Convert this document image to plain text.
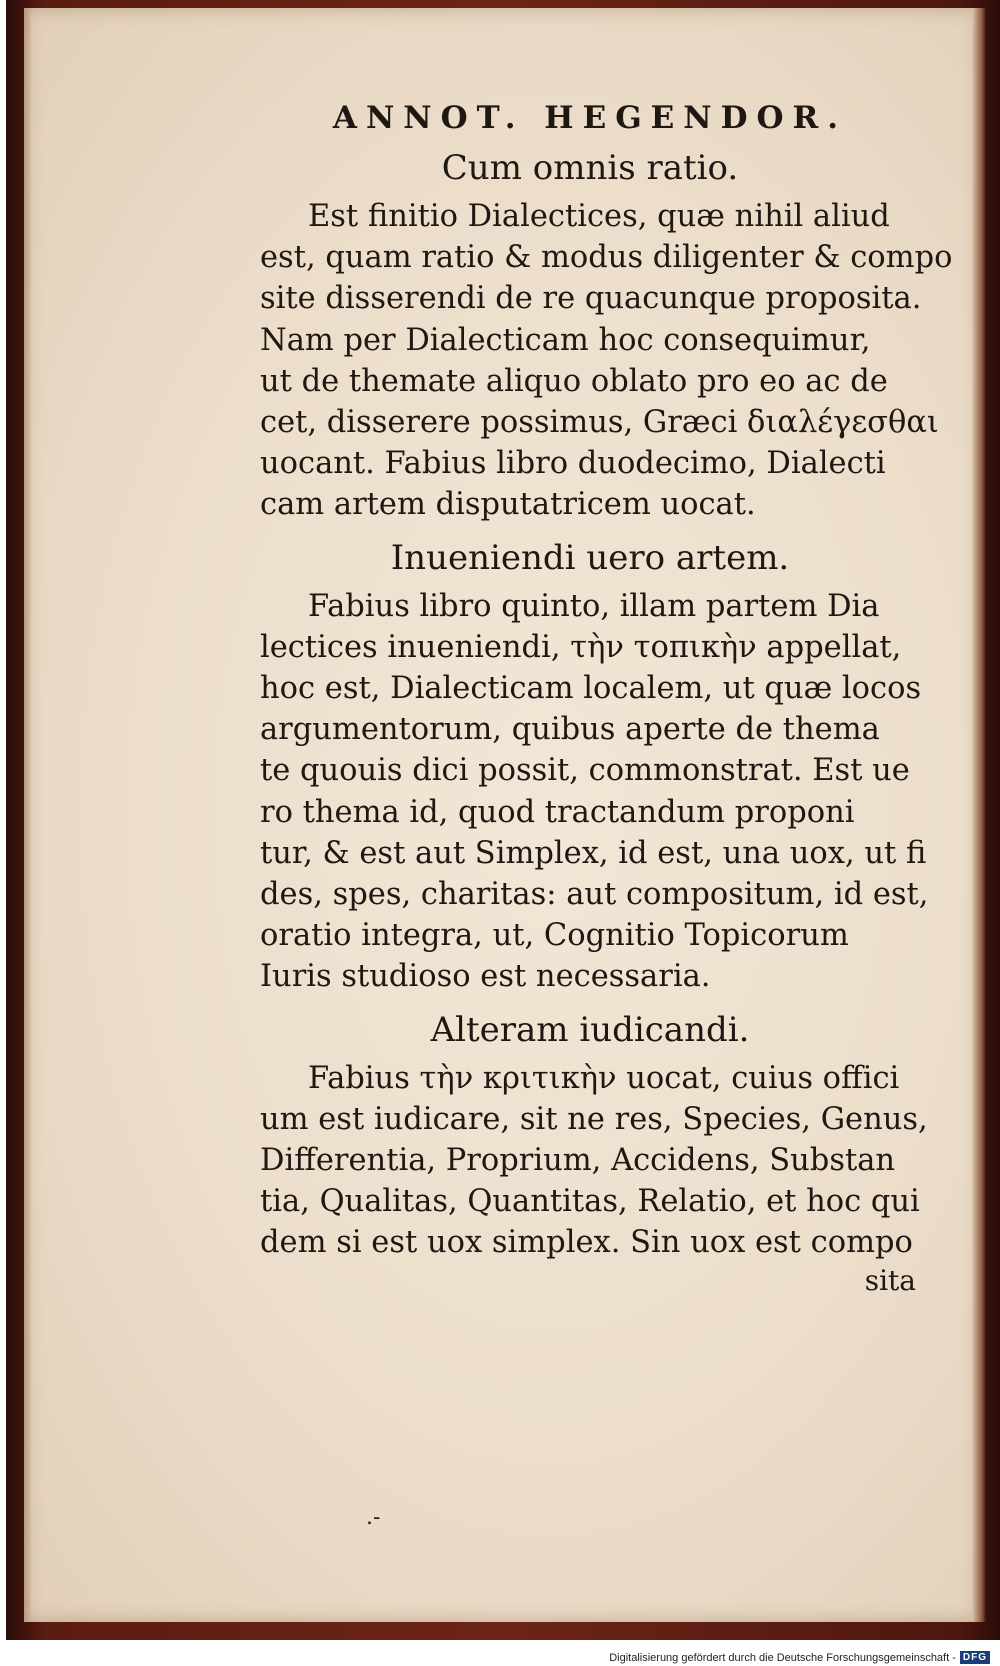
ANNOT. HEGENDOR.
Cum omnis ratio.
Est finitio Dialectices, quæ nihil aliud
est, quam ratio & modus diligenter & compo
site disserendi de re quacunque proposita.
Nam per Dialecticam hoc consequimur,
ut de themate aliquo oblato pro eo ac de
cet, disserere possimus, Græci διαλέγεσθαι
uocant. Fabius libro duodecimo, Dialecti
cam artem disputatricem uocat.
Inueniendi uero artem.
Fabius libro quinto, illam partem Dia
lectices inueniendi, τὴν τοπικὴν appellat,
hoc est, Dialecticam localem, ut quæ locos
argumentorum, quibus aperte de thema
te quouis dici possit, commonstrat. Est ue
ro thema id, quod tractandum proponi
tur, & est aut Simplex, id est, una uox, ut fi
des, spes, charitas: aut compositum, id est,
oratio integra, ut, Cognitio Topicorum
Iuris studioso est necessaria.
Alteram iudicandi.
Fabius τὴν κριτικὴν uocat, cuius offici
um est iudicare, sit ne res, Species, Genus,
Differentia, Proprium, Accidens, Substan
tia, Qualitas, Quantitas, Relatio, et hoc qui
dem si est uox simplex. Sin uox est compo
sita
.-
Digitalisierung gefördert durch die Deutsche Forschungsgemeinschaft - DFG
